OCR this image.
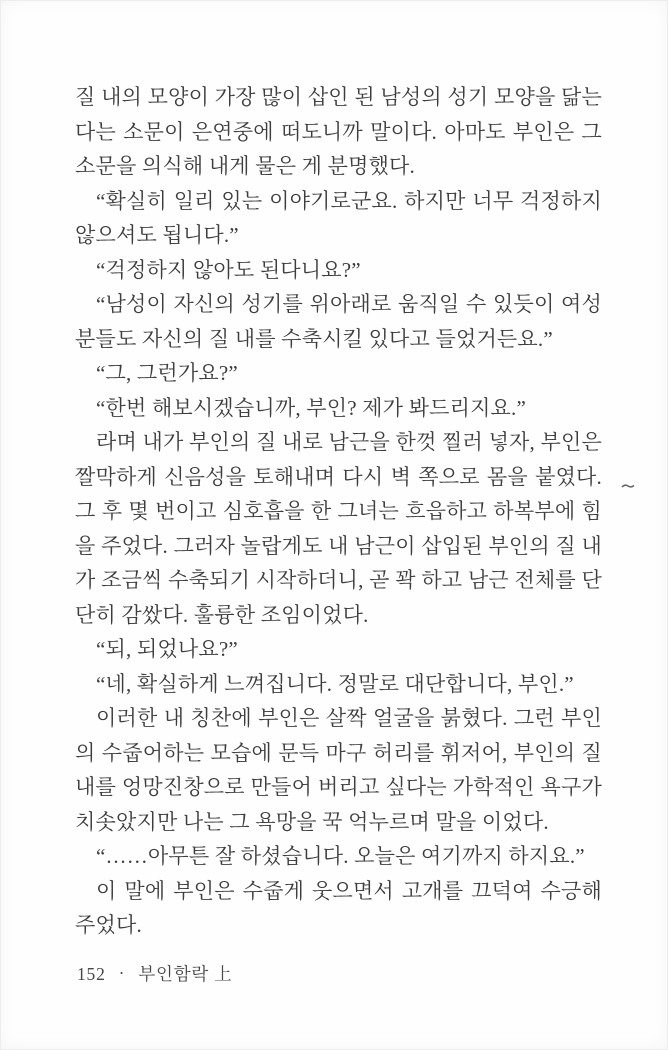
질 내의 모양이 가장 많이 삽인 된 남성의 성기 모양을 닮는다는 소문이 은연중에 떠도니까 말이다. 아마도 부인은 그 소문을 의식해 내게 물은 게 분명했다.

“확실히 일리 있는 이야기로군요. 하지만 너무 걱정하지 않으셔도 됩니다.”

“걱정하지 않아도 된다니요?”

“남성이 자신의 성기를 위아래로 움직일 수 있듯이 여성분들도 자신의 질 내를 수축시킬 있다고 들었거든요.”

“그, 그런가요?”

“한번 해보시겠습니까, 부인? 제가 봐드리지요.”

라며 내가 부인의 질 내로 남근을 한껏 찔러 넣자, 부인은 짤막하게 신음성을 토해내며 다시 벽 쪽으로 몸을 붙였다. 그 후 몇 번이고 심호흡을 한 그녀는 흐읍하고 하복부에 힘을 주었다. 그러자 놀랍게도 내 남근이 삽입된 부인의 질 내가 조금씩 수축되기 시작하더니, 곧 꽉 하고 남근 전체를 단단히 감쌌다. 훌륭한 조임이었다.

“되, 되었나요?”

“네, 확실하게 느껴집니다. 정말로 대단합니다, 부인.”

이러한 내 칭찬에 부인은 살짝 얼굴을 붉혔다. 그런 부인의 수줍어하는 모습에 문득 마구 허리를 휘저어, 부인의 질 내를 엉망진창으로 만들어 버리고 싶다는 가학적인 욕구가 치솟았지만 나는 그 욕망을 꾹 억누르며 말을 이었다.

“……아무튼 잘 하셨습니다. 오늘은 여기까지 하지요.”

이 말에 부인은 수줍게 웃으면서 고개를 끄덕여 수긍해주었다.

152 · 부인함락 上
